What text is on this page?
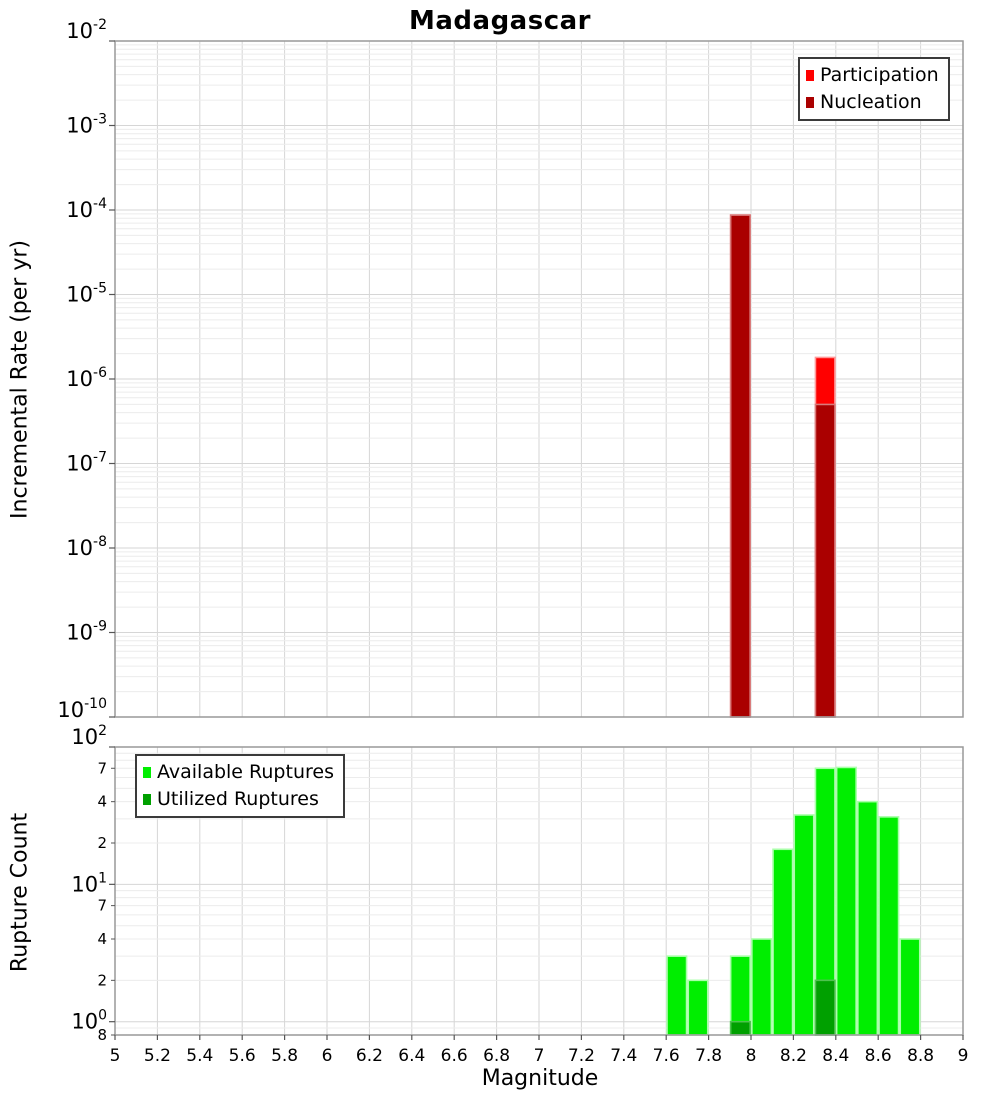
$10^{-2}$
$10^{-3}$
$10^{-4}$
$10^{-5}$
$10^{-6}$
$10^{-7}$
$10^{-8}$
$10^{-9}$
$10^{-10}$
$10^2$
$10^1$
$10^0$
7
4
2
7
4
2
8
5 5.2 5.4 5.6 5.8 6 6.2 6.4 6.6 6.8 7 7.2 7.4 7.6 7.8 8 8.2 8.4 8.6 8.8 9
Madagascar
Incremental Rate (per yr)
Rupture Count
Magnitude
Participation
Nucleation
Available Ruptures
Utilized Ruptures
